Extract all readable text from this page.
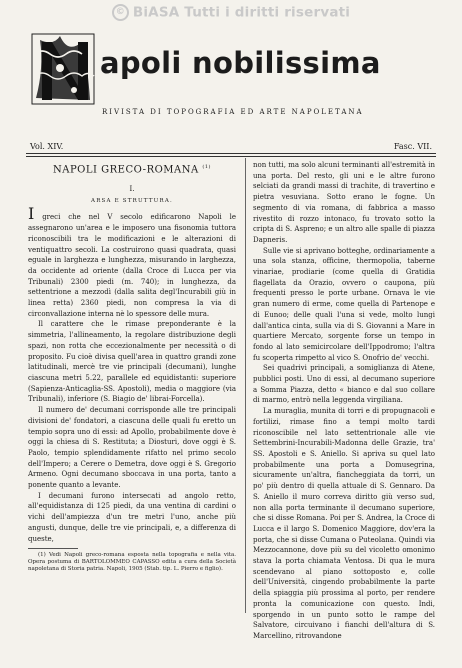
© BiASA Tutti i diritti riservati
apoli nobilissima
RIVISTA DI TOPOGRAFIA ED ARTE NAPOLETANA
Vol. XIV.	Fasc. VII.
NAPOLI GRECO-ROMANA $^{(1)}$
I.
ARSA E STRUTTURA.

I greci che nel V secolo edificarono Napoli le assegnarono un'area e le imposero una fisonomia tuttora riconoscibili tra le modificazioni e le alterazioni di ventiquattro secoli. La costruirono quasi quadrata, quasi eguale in larghezza e lunghezza, misurando in larghezza, da occidente ad oriente (dalla Croce di Lucca per via Tribunali) 2300 piedi (m. 740); in lunghezza, da settentrione a mezzodì (dalla salita degl'Incurabili giù in linea retta) 2360 piedi, non compresa la via di circonvallazione interna nè lo spessore delle mura.

Il carattere che le rimase preponderante è la simmetria, l'allineamento, la regolare distribuzione degli spazi, non rotta che eccezionalmente per necessità o di proposito. Fu cioè divisa quell'area in quattro grandi zone latitudinali, mercè tre vie principali (decumani), lunghe ciascuna metri 5.22, parallele ed equidistanti: superiore (Sapienza-Anticaglia-SS. Apostoli), media o maggiore (via Tribunali), inferiore (S. Biagio de' librai-Forcella).

Il numero de' decumani corrisponde alle tre principali divisioni de' fondatori, a ciascuna delle quali fu eretto un tempio sopra uno di essi: ad Apollo, probabilmente dove è oggi la chiesa di S. Restituta; a Diosturi, dove oggi è S. Paolo, tempio splendidamente rifatto nel primo secolo dell'Impero; a Cerere o Demetra, dove oggi è S. Gregorio Armeno. Ogni decumano sboccava in una porta, tanto a ponente quanto a levante.

I decumani furono intersecati ad angolo retto, all'equidistanza di 125 piedi, da una ventina di cardini o vichi dell'ampiezza d'un tre metri l'uno, anche più angusti, dunque, delle tre vie principali, e, a differenza di queste,

(1) Vedi Napoli greco-romana esposta nella topografia e nella vita. Opera postuma di BARTOLOMMEO CAPASSO edita a cura della Società napoletana di Storia patria. Napoli, 1905 (Stab. tip. L. Pierro e figlio).

non tutti, ma solo alcuni terminanti all'estremità in una porta. Del resto, gli uni e le altre furono selciati da grandi massi di trachite, di travertino e pietra vesuviana. Sotto erano le fogne. Un segmento di via romana, di fabbrica a masso rivestito di rozzo intonaco, fu trovato sotto la cripta di S. Aspreno; e un altro alle spalle di piazza Dapneris.

Sulle vie si aprivano botteghe, ordinariamente a una sola stanza, officine, thermopolia, taberne vinariae, prodiarie (come quella di Gratidia flagellata da Orazio, ovvero o caupona, più frequenti presso le porte urbane. Ornava le vie gran numero di erme, come quella di Partenope e di Eunoo; delle quali l'una si vede, molto lungi dall'antica cinta, sulla via di S. Giovanni a Mare in quartiere Mercato, sorgente forse un tempo in fondo al lato semicircolare dell'Ippodromo; l'altra fu scoperta rimpetto al vico S. Onofrio de' vecchi.

Sei quadrivi principali, a somiglianza di Atene, pubblici posti. Uno di essi, al decumano superiore a Somma Piazza, detto « bianco e dal suo collare di marmo, entrò nella leggenda virgiliana.

La muraglia, munita di torri e di propugnacoli e fortilizi, rimase fino a tempi molto tardi riconoscibile nel lato settentrionale alle vie Settembrini-Incurabili-Madonna delle Grazie, tra' SS. Apostoli e S. Aniello. Si apriva su quel lato probabilmente una porta a Domusegrina, sicuramente un'altra, fiancheggiata da torri, un po' più dentro di quella attuale di S. Gennaro. Da S. Aniello il muro correva diritto giù verso sud, non alla porta terminante il decumano superiore, che si disse Romana. Poi per S. Andrea, la Croce di Lucca e il largo S. Domenico Maggiore, dov'era la porta, che si disse Cumana o Puteolana. Quindi via Mezzocannone, dove più su del vicoletto omonimo stava la porta chiamata Ventosa. Di qua le mura scendevano al piano sottoposto e, colle dell'Università, cingendo probabilmente la parte della spiaggia più prossima al porto, per rendere pronta la comunicazione con questo. Indi, sporgendo in un punto sotto le rampe del Salvatore, circuivano i fianchi dell'altura di S. Marcellino, ritrovandone
